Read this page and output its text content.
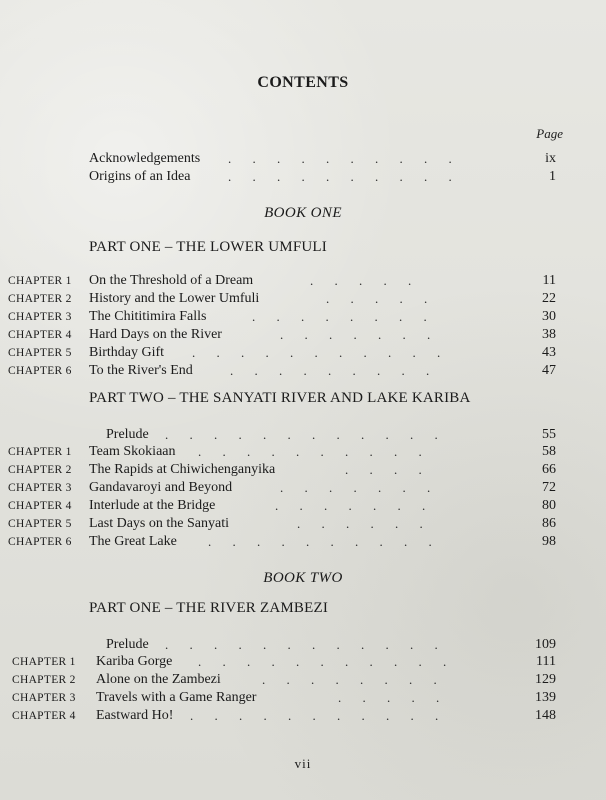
CONTENTS
Page
Acknowledgements . . . . . . . . . .	ix
Origins of an Idea	. . . . . . . . . .	1
BOOK ONE
PART ONE – THE LOWER UMFULI
CHAPTER 1 On the Threshold of a Dream	. . . . .	11
CHAPTER 2 History and the Lower Umfuli	. . . . .	22
CHAPTER 3 The Chititimira Falls	. . . . . . . .	30
CHAPTER 4 Hard Days on the River	. . . . . . .	38
CHAPTER 5 Birthday Gift . . . . . . . . . . .	43
CHAPTER 6 To the River's End	. . . . . . . . .	47
PART TWO – THE SANYATI RIVER AND LAKE KARIBA
Prelude . . . . . . . . . . . .	55
CHAPTER 1 Team Skokiaan . . . . . . . . . .	58
CHAPTER 2 The Rapids at Chiwichenganyika	. . . .	66
CHAPTER 3 Gandavaroyi and Beyond	. . . . . . .	72
CHAPTER 4 Interlude at the Bridge	. . . . . . .	80
CHAPTER 5 Last Days on the Sanyati	. . . . . .	86
CHAPTER 6 The Great Lake . . . . . . . . . .	98
BOOK TWO
PART ONE – THE RIVER ZAMBEZI
Prelude . . . . . . . . . . . .	109
CHAPTER 1 Kariba Gorge . . . . . . . . . . .	111
CHAPTER 2 Alone on the Zambezi	. . . . . . . .	129
CHAPTER 3 Travels with a Game Ranger	. . . . .	139
CHAPTER 4 Eastward Ho! . . . . . . . . . . .	148
vii
